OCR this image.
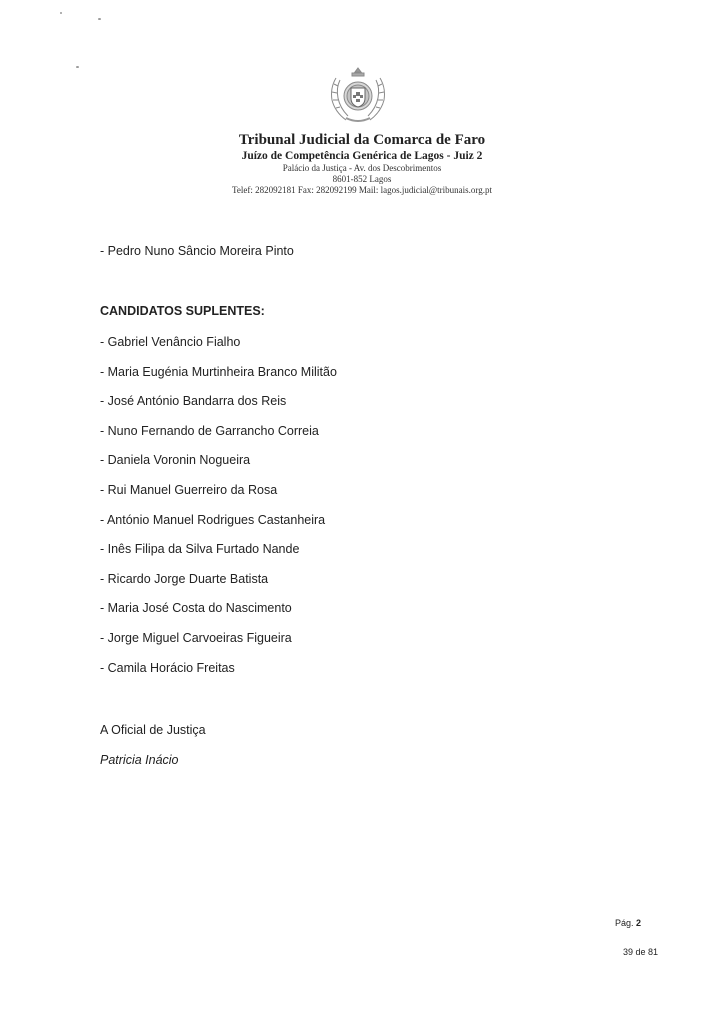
Tribunal Judicial da Comarca de Faro
Juízo de Competência Genérica de Lagos - Juiz 2
Palácio da Justiça - Av. dos Descobrimentos
8601-852 Lagos
Telef: 282092181 Fax: 282092199 Mail: lagos.judicial@tribunais.org.pt
- Pedro Nuno Sâncio Moreira Pinto
CANDIDATOS SUPLENTES:
- Gabriel Venâncio Fialho
- Maria Eugénia Murtinheira Branco Militão
- José António Bandarra dos Reis
- Nuno Fernando de Garrancho Correia
- Daniela Voronin Nogueira
- Rui Manuel Guerreiro da Rosa
- António Manuel Rodrigues Castanheira
- Inês Filipa da Silva Furtado Nande
- Ricardo Jorge Duarte Batista
- Maria José Costa do Nascimento
- Jorge Miguel Carvoeiras Figueira
- Camila Horácio Freitas
A Oficial de Justiça
Patricia Inácio
Pág. 2
39 de 81
